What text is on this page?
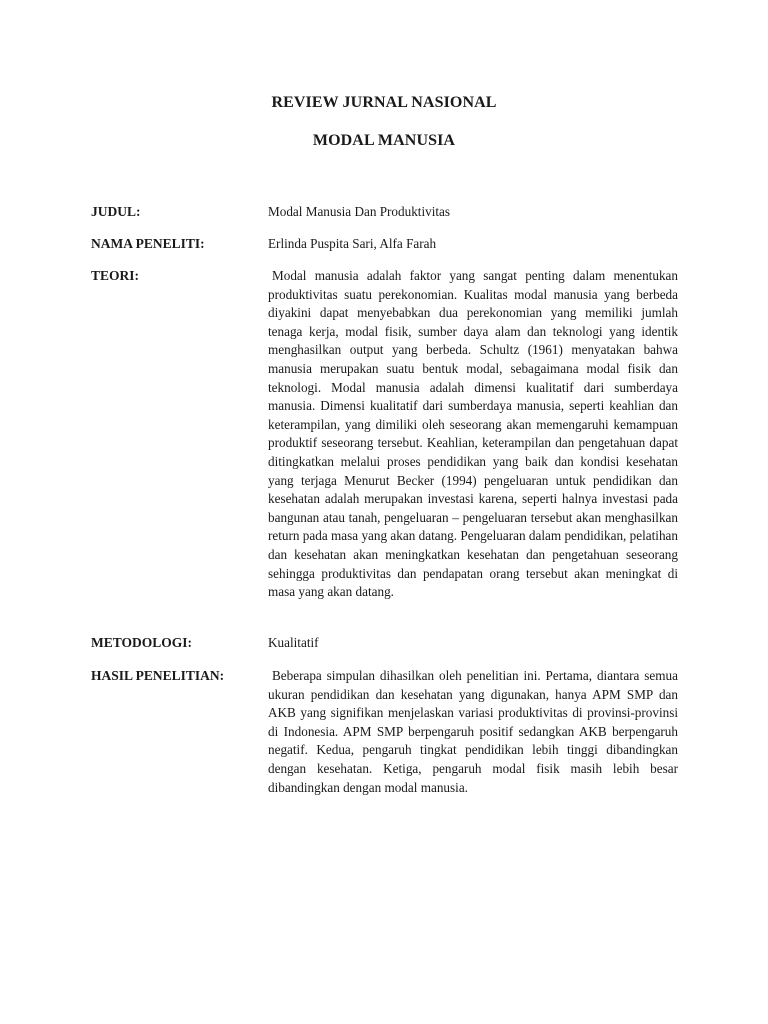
REVIEW JURNAL NASIONAL
MODAL MANUSIA
JUDUL:	Modal Manusia Dan Produktivitas
NAMA PENELITI:	Erlinda Puspita Sari, Alfa Farah
TEORI:	Modal manusia adalah faktor yang sangat penting dalam menentukan produktivitas suatu perekonomian. Kualitas modal manusia yang berbeda diyakini dapat menyebabkan dua perekonomian yang memiliki jumlah tenaga kerja, modal fisik, sumber daya alam dan teknologi yang identik menghasilkan output yang berbeda. Schultz (1961) menyatakan bahwa manusia merupakan suatu bentuk modal, sebagaimana modal fisik dan teknologi. Modal manusia adalah dimensi kualitatif dari sumberdaya manusia. Dimensi kualitatif dari sumberdaya manusia, seperti keahlian dan keterampilan, yang dimiliki oleh seseorang akan memengaruhi kemampuan produktif seseorang tersebut. Keahlian, keterampilan dan pengetahuan dapat ditingkatkan melalui proses pendidikan yang baik dan kondisi kesehatan yang terjaga Menurut Becker (1994) pengeluaran untuk pendidikan dan kesehatan adalah merupakan investasi karena, seperti halnya investasi pada bangunan atau tanah, pengeluaran – pengeluaran tersebut akan menghasilkan return pada masa yang akan datang. Pengeluaran dalam pendidikan, pelatihan dan kesehatan akan meningkatkan kesehatan dan pengetahuan seseorang sehingga produktivitas dan pendapatan orang tersebut akan meningkat di masa yang akan datang.
METODOLOGI:	Kualitatif
HASIL PENELITIAN:	Beberapa simpulan dihasilkan oleh penelitian ini. Pertama, diantara semua ukuran pendidikan dan kesehatan yang digunakan, hanya APM SMP dan AKB yang signifikan menjelaskan variasi produktivitas di provinsi-provinsi di Indonesia. APM SMP berpengaruh positif sedangkan AKB berpengaruh negatif. Kedua, pengaruh tingkat pendidikan lebih tinggi dibandingkan dengan kesehatan. Ketiga, pengaruh modal fisik masih lebih besar dibandingkan dengan modal manusia.
